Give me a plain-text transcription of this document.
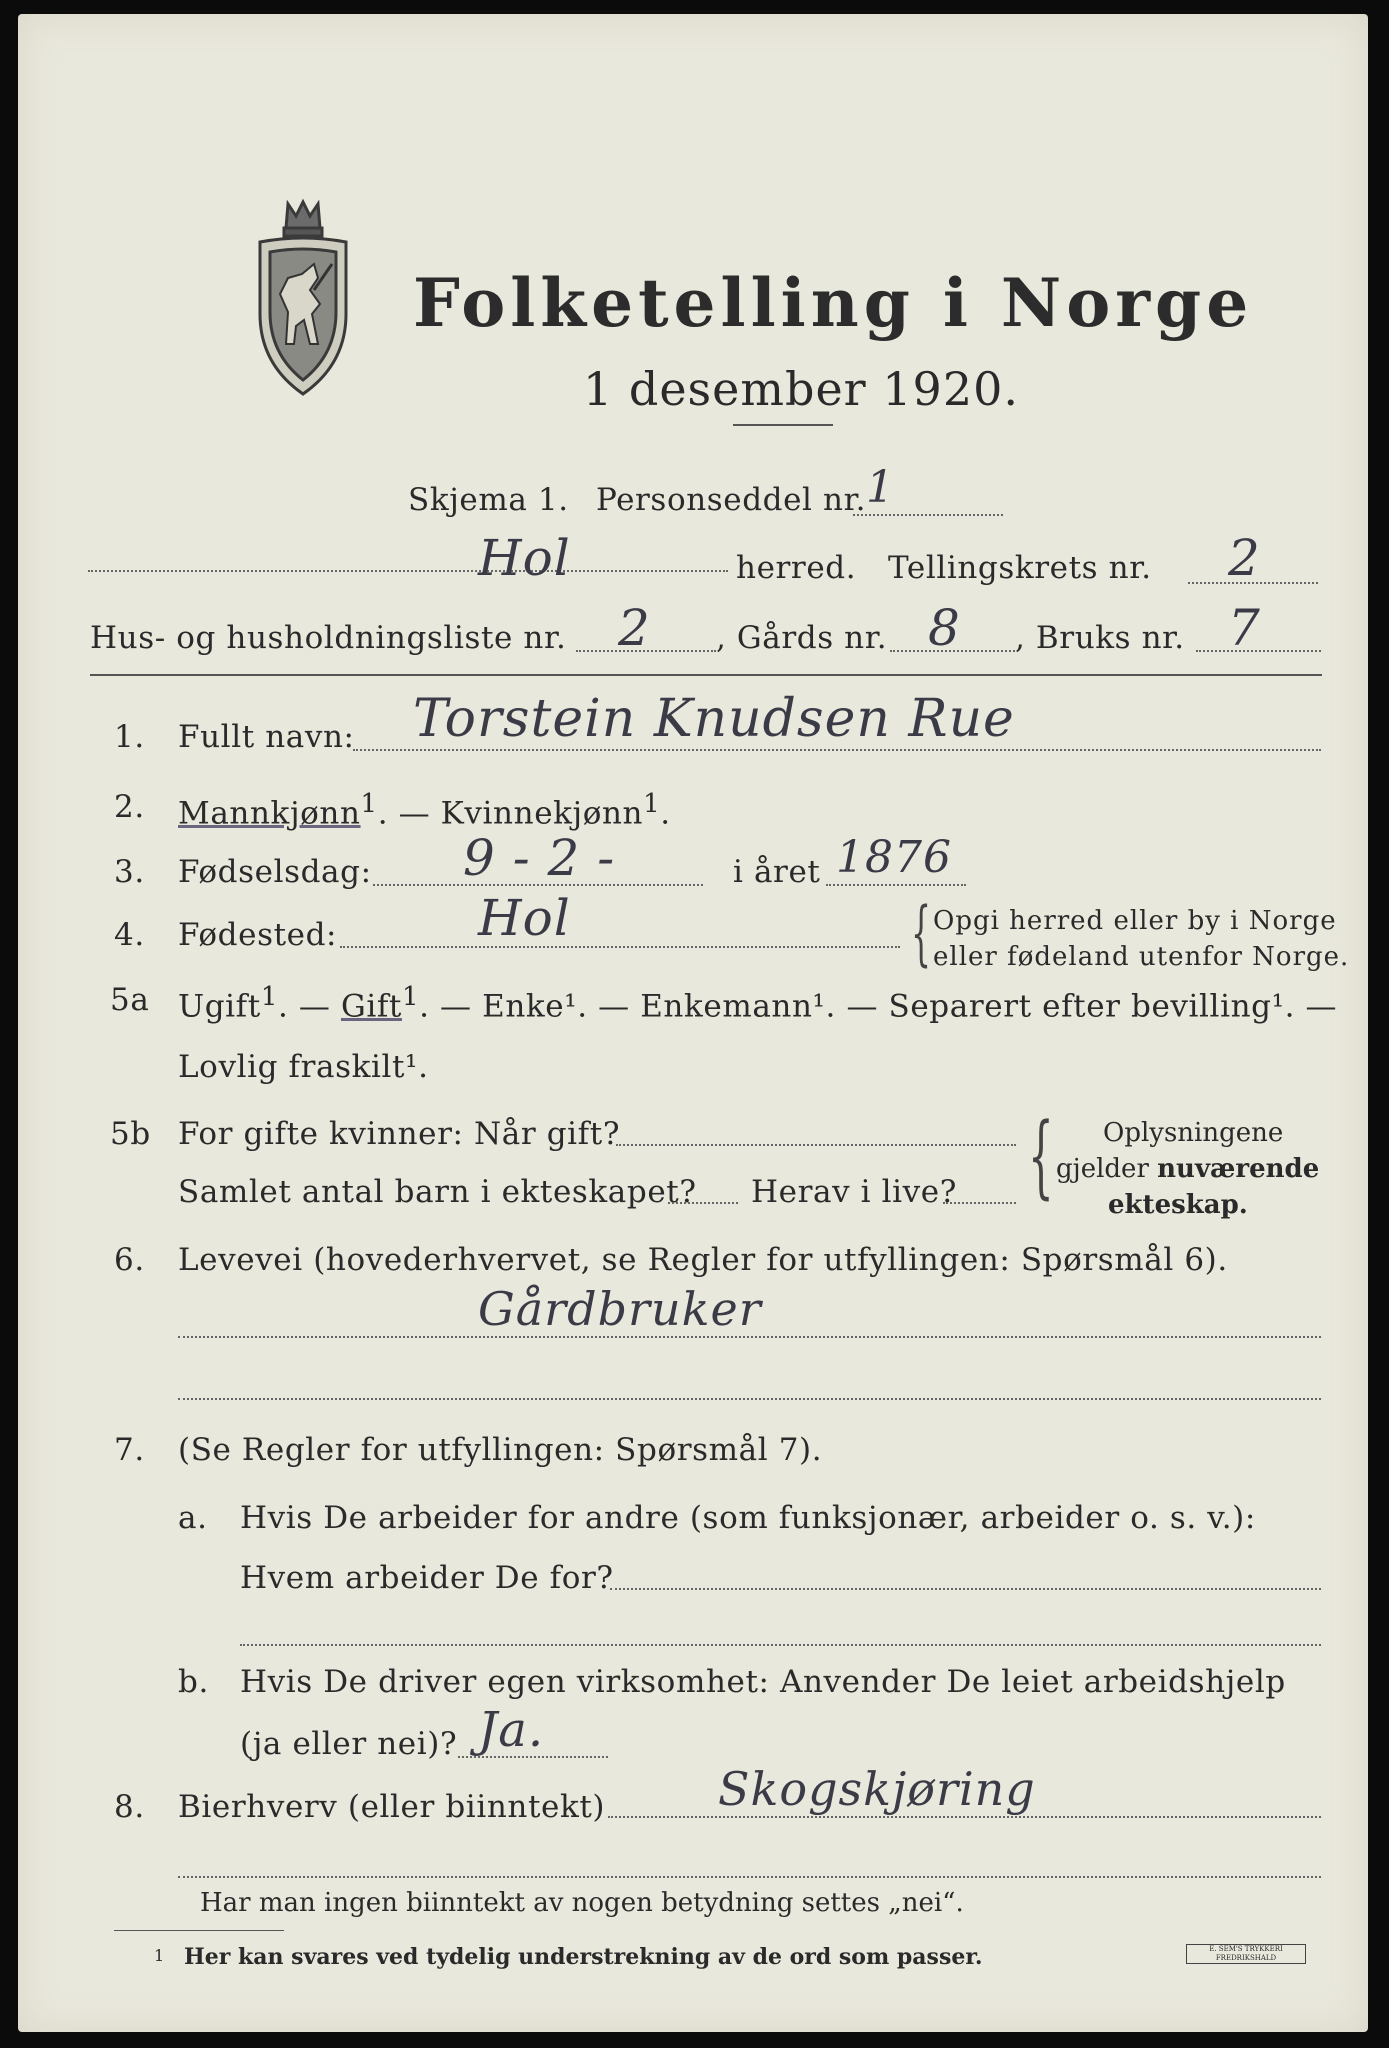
Folketelling i Norge
1 desember 1920.
Skjema 1. Personseddel nr. 1
Hol	herred. Tellingskrets nr. 2
Hus- og husholdningsliste nr. 2 , Gårds nr. 8 , Bruks nr. 7
1. Fullt navn: Torstein Knudsen Rue
2. Mannkjønn$^1$. — Kvinnekjønn$^1$.
3. Fødselsdag: 9 - 2 -	i året 1876
4. Fødested:	Hol	{ Opgi herred eller by i Norge
eller fødeland utenfor Norge.
5a Ugift$^1$. — Gift$^1$. — Enke¹. — Enkemann¹. — Separert efter bevilling¹. —
Lovlig fraskilt¹.
5b For gifte kvinner: Når gift?
Samlet antal barn i ekteskapet? Herav i live? { Oplysningene
gjelder nuværende
ekteskap.
6. Levevei (hovederhvervet, se Regler for utfyllingen: Spørsmål 6).
Gårdbruker
7. (Se Regler for utfyllingen: Spørsmål 7).
a. Hvis De arbeider for andre (som funksjonær, arbeider o. s. v.):
Hvem arbeider De for?
b. Hvis De driver egen virksomhet: Anvender De leiet arbeidshjelp
(ja eller nei)? Ja.
8. Bierhverv (eller biinntekt) Skogskjøring
Har man ingen biinntekt av nogen betydning settes „nei“.
1 Her kan svares ved tydelig understrekning av de ord som passer.	E. SEM'S TRYKKERI FREDRIKSHALD
